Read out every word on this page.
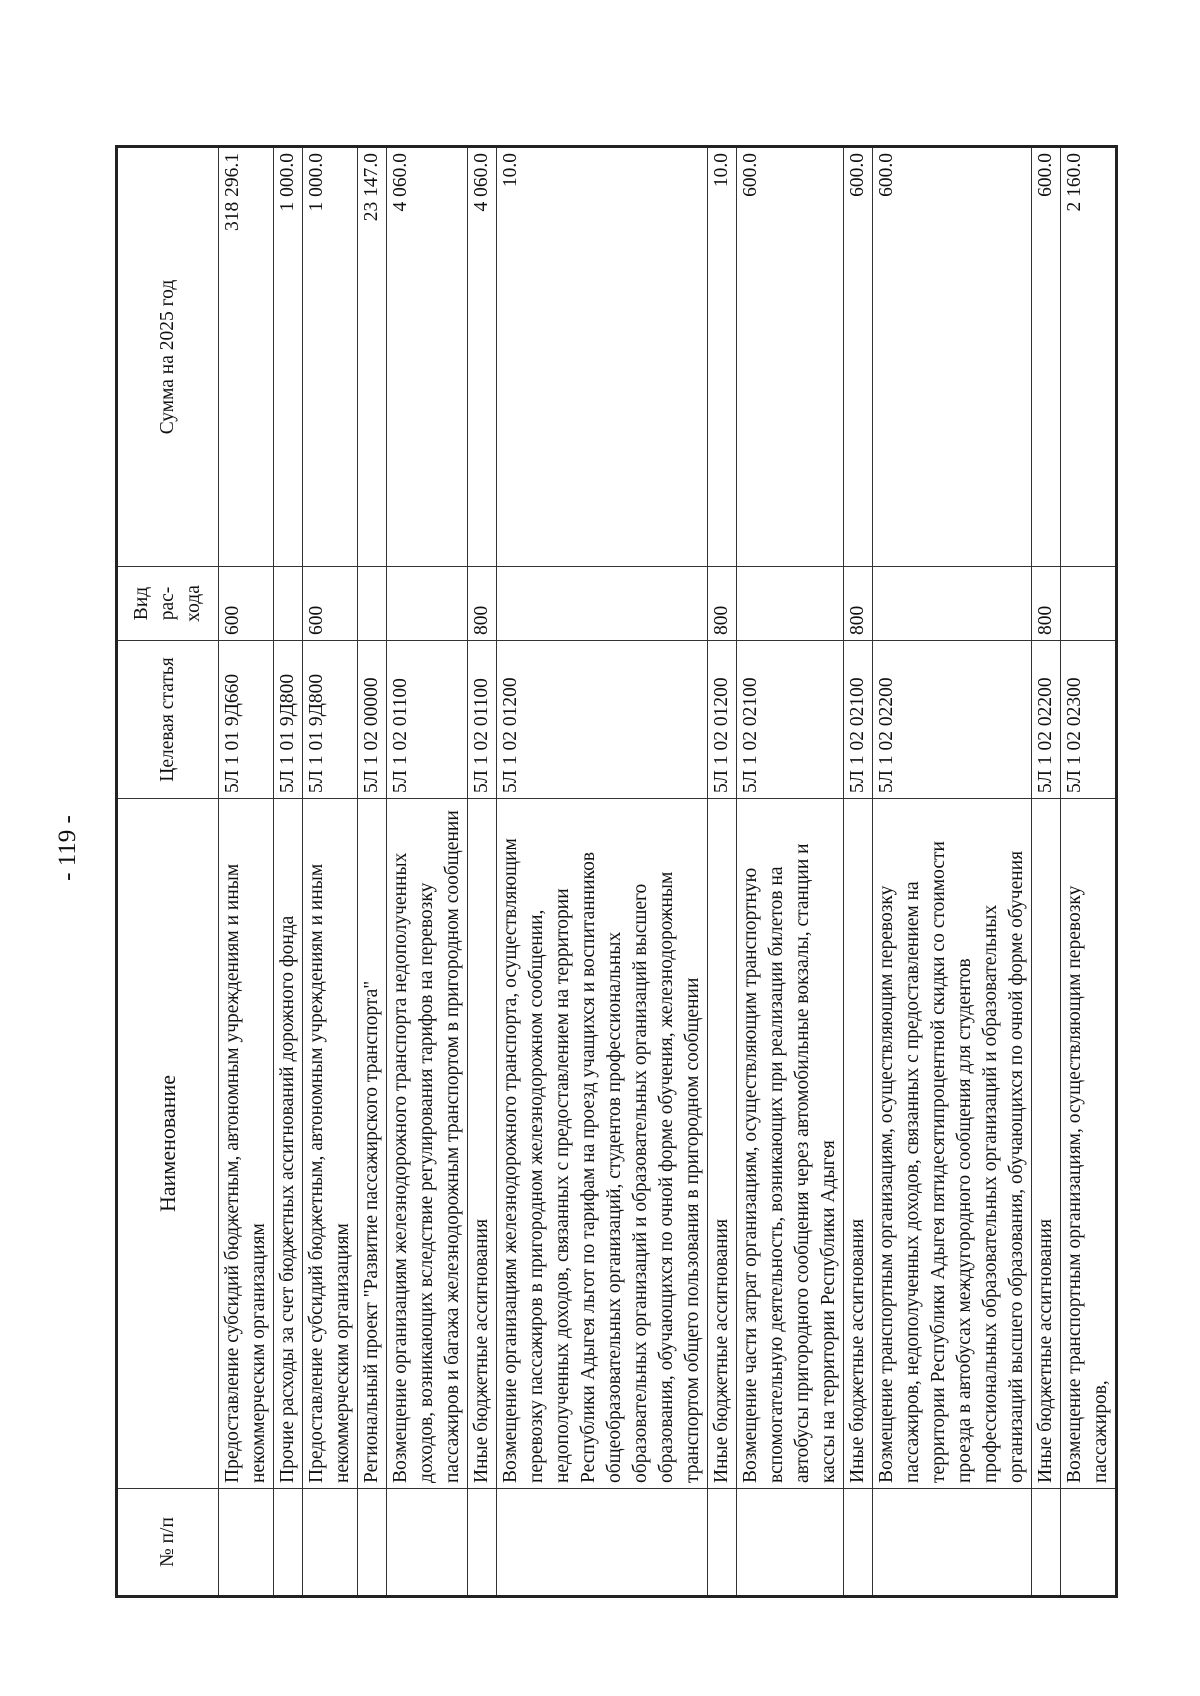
- 119 -
№ п/п	Наименование	Целевая статья	Вид рас- хода	Сумма на 2025 год
	Предоставление субсидий бюджетным, автономным учреждениям и иным некоммерческим организациям	5Л 1 01 9Д660	600	318 296.1
	Прочие расходы за счет бюджетных ассигнований дорожного фонда	5Л 1 01 9Д800		1 000.0
	Предоставление субсидий бюджетным, автономным учреждениям и иным некоммерческим организациям	5Л 1 01 9Д800	600	1 000.0
	Региональный проект "Развитие пассажирского транспорта"	5Л 1 02 00000		23 147.0
	Возмещение организациям железнодорожного транспорта недополученных доходов, возникающих вследствие регулирования тарифов на перевозку пассажиров и багажа железнодорожным транспортом в пригородном сообщении	5Л 1 02 01100		4 060.0
	Иные бюджетные ассигнования	5Л 1 02 01100	800	4 060.0
	Возмещение организациям железнодорожного транспорта, осуществляющим перевозку пассажиров в пригородном железнодорожном сообщении, недополученных доходов, связанных с предоставлением на территории Республики Адыгея льгот по тарифам на проезд учащихся и воспитанников общеобразовательных организаций, студентов профессиональных образовательных организаций и образовательных организаций высшего образования, обучающихся по очной форме обучения, железнодорожным транспортом общего пользования в пригородном сообщении	5Л 1 02 01200		10.0
	Иные бюджетные ассигнования	5Л 1 02 01200	800	10.0
	Возмещение части затрат организациям, осуществляющим транспортную вспомогательную деятельность, возникающих при реализации билетов на автобусы пригородного сообщения через автомобильные вокзалы, станции и кассы на территории Республики Адыгея	5Л 1 02 02100		600.0
	Иные бюджетные ассигнования	5Л 1 02 02100	800	600.0
	Возмещение транспортным организациям, осуществляющим перевозку пассажиров, недополученных доходов, связанных с предоставлением на территории Республики Адыгея пятидесятипроцентной скидки со стоимости проезда в автобусах междугородного сообщения для студентов профессиональных образовательных организаций и образовательных организаций высшего образования, обучающихся по очной форме обучения	5Л 1 02 02200		600.0
	Иные бюджетные ассигнования	5Л 1 02 02200	800	600.0
	Возмещение транспортным организациям, осуществляющим перевозку пассажиров,	5Л 1 02 02300		2 160.0
